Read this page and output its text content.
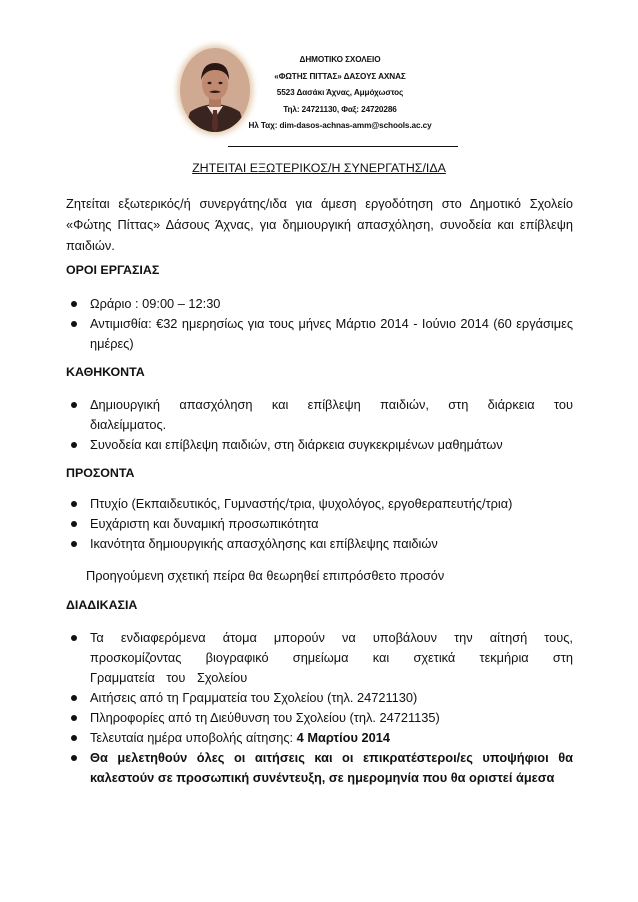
ΔΗΜΟΤΙΚΟ ΣΧΟΛΕΙΟ
«ΦΩΤΗΣ ΠΙΤΤΑΣ» ΔΑΣΟΥΣ ΑΧΝΑΣ
5523 Δασάκι Άχνας, Αμμόχωστος
Τηλ: 24721130, Φαξ: 24720286
Ηλ Ταχ: dim-dasos-achnas-amm@schools.ac.cy
ΖΗΤΕΙΤΑΙ ΕΞΩΤΕΡΙΚΟΣ/Η ΣΥΝΕΡΓΑΤΗΣ/ΙΔΑ

Ζητείται εξωτερικός/ή συνεργάτης/ιδα για άμεση εργοδότηση στο Δημοτικό Σχολείο «Φώτης Πίττας» Δάσους Άχνας, για δημιουργική απασχόληση, συνοδεία και επίβλεψη παιδιών.

ΟΡΟΙ ΕΡΓΑΣΙΑΣ

Ωράριο : 09:00 – 12:30
Αντιμισθία: €32 ημερησίως για τους μήνες Μάρτιο 2014 - Ιούνιο 2014 (60 εργάσιμες ημέρες)

ΚΑΘΗΚΟΝΤΑ

Δημιουργική απασχόληση και επίβλεψη παιδιών, στη διάρκεια του διαλείμματος.
Συνοδεία και επίβλεψη παιδιών, στη διάρκεια συγκεκριμένων μαθημάτων

ΠΡΟΣΟΝΤΑ

Πτυχίο (Εκπαιδευτικός, Γυμναστής/τρια, ψυχολόγος, εργοθεραπευτής/τρια)
Ευχάριστη και δυναμική προσωπικότητα
Ικανότητα δημιουργικής απασχόλησης και επίβλεψης παιδιών

Προηγούμενη σχετική πείρα θα θεωρηθεί επιπρόσθετο προσόν

ΔΙΑΔΙΚΑΣΙΑ

Τα ενδιαφερόμενα άτομα μπορούν να υποβάλουν την αίτησή τους, προσκομίζοντας βιογραφικό σημείωμα και σχετικά τεκμήρια στη Γραμματεία του Σχολείου
Αιτήσεις από τη Γραμματεία του Σχολείου (τηλ. 24721130)
Πληροφορίες από τη Διεύθυνση του Σχολείου (τηλ. 24721135)
Τελευταία ημέρα υποβολής αίτησης: 4 Μαρτίου 2014
Θα μελετηθούν όλες οι αιτήσεις και οι επικρατέστεροι/ες υποψήφιοι θα καλεστούν σε προσωπική συνέντευξη, σε ημερομηνία που θα οριστεί άμεσα
